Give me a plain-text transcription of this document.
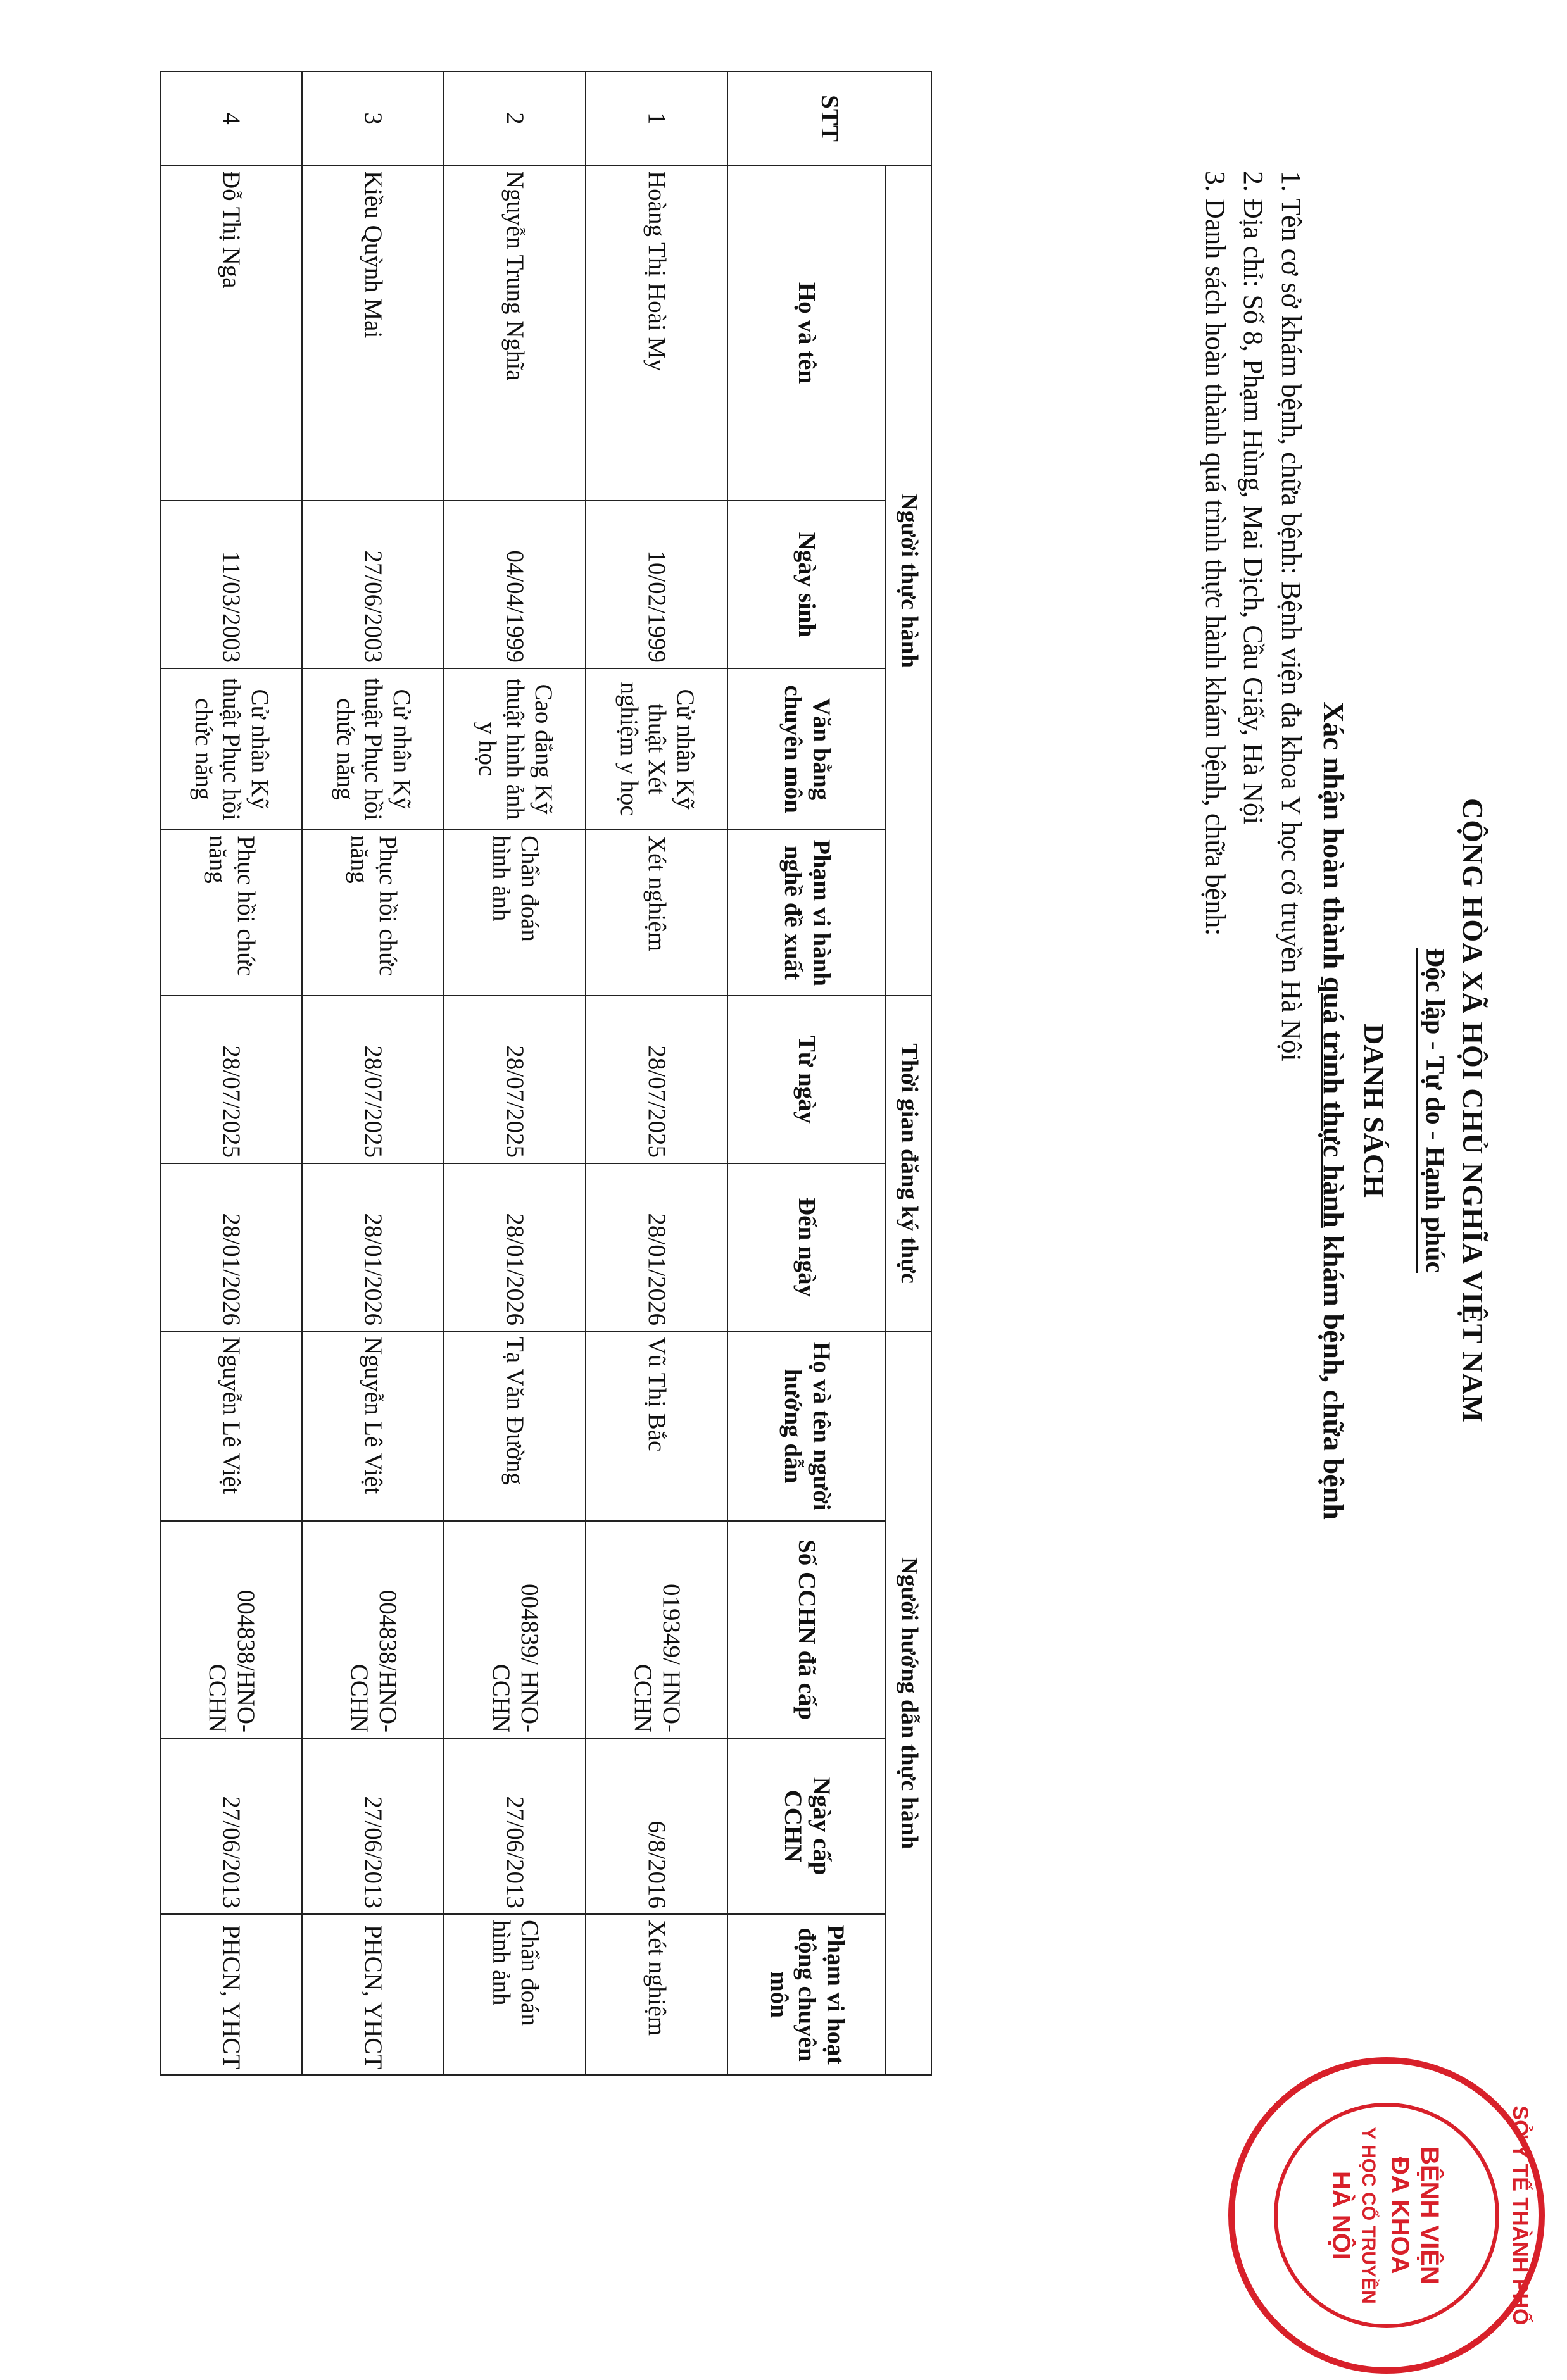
CỘNG HÒA XÃ HỘI CHỦ NGHĨA VIỆT NAM
Độc lập - Tự do - Hạnh phúc
DANH SÁCH
Xác nhận hoàn thành quá trình thực hành khám bệnh, chữa bệnh
1. Tên cơ sở khám bệnh, chữa bệnh: Bệnh viện đa khoa Y học cổ truyền Hà Nội
2. Địa chỉ: Số 8, Phạm Hùng, Mai Dịch, Cầu Giấy, Hà Nội
3. Danh sách hoàn thành quá trình thực hành khám bệnh, chữa bệnh:
STT	Người thực hành				Thời gian đăng ký thực		Người hướng dẫn thực hành			
	Họ và tên	Ngày sinh	Văn bằng chuyên môn	Phạm vi hành nghề đề xuất	Từ ngày	Đến ngày	Họ và tên người hướng dẫn	Số CCHN đã cấp	Ngày cấp CCHN	Phạm vi hoạt động chuyên môn
1	Hoàng Thị Hoài My	10/02/1999	Cử nhân Kỹ thuật Xét nghiệm y học	Xét nghiệm	28/07/2025	28/01/2026	Vũ Thị Bắc	019349/ HNO-CCHN	6/8/2016	Xét nghiệm
2	Nguyễn Trung Nghĩa	04/04/1999	Cao đẳng Kỹ thuật hình ảnh y học	Chẩn đoán hình ảnh	28/07/2025	28/01/2026	Tạ Văn Đường	004839/ HNO-CCHN	27/06/2013	Chẩn đoán hình ảnh
3	Kiều Quỳnh Mai	27/06/2003	Cử nhân Kỹ thuật Phục hồi chức năng	Phục hồi chức năng	28/07/2025	28/01/2026	Nguyễn Lê Việt	004838/HNO-CCHN	27/06/2013	PHCN, YHCT
4	Đỗ Thị Nga	11/03/2003	Cử nhân Kỹ thuật Phục hồi chức năng	Phục hồi chức năng	28/07/2025	28/01/2026	Nguyễn Lê Việt	004838/HNO-CCHN	27/06/2013	PHCN, YHCT
BỆNH VIỆN
ĐA KHOA
Y HỌC CỔ TRUYỀN
HÀ NỘI	SỞ Y TẾ THÀNH PHỐ
